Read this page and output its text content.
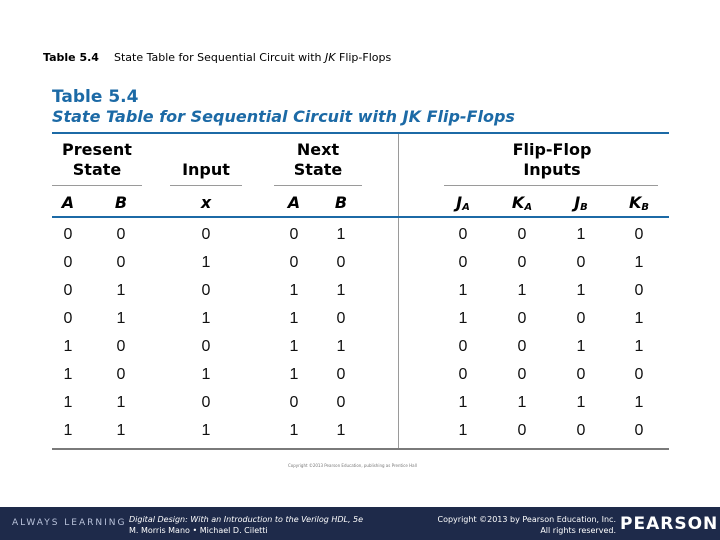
Table 5.4 State Table for Sequential Circuit with JK Flip-Flops
Table 5.4
State Table for Sequential Circuit with JK Flip-Flops
Present
State	Input
Next
State
Flip-Flop
Inputs
A	B	x	A	B	$J_A$	$K_A$	$J_B$	$K_B$
0	0	0	0	1	0	0	1	0
0	0	1	0	0	0	0	0	1
0	1	0	1	1	1	1	1	0
0	1	1	1	0	1	0	0	1
1	0	0	1	1	0	0	1	1
1	0	1	1	0	0	0	0	0
1	1	0	0	0	1	1	1	1
1	1	1	1	1	1	0	0	0
Copyright ©2013 Pearson Education, publishing as Prentice Hall
ALWAYS LEARNING Digital Design: With an Introduction to the Verilog HDL, 5e
M. Morris Mano • Michael D. Ciletti
Copyright ©2013 by Pearson Education, Inc.
All rights reserved. PEARSON
